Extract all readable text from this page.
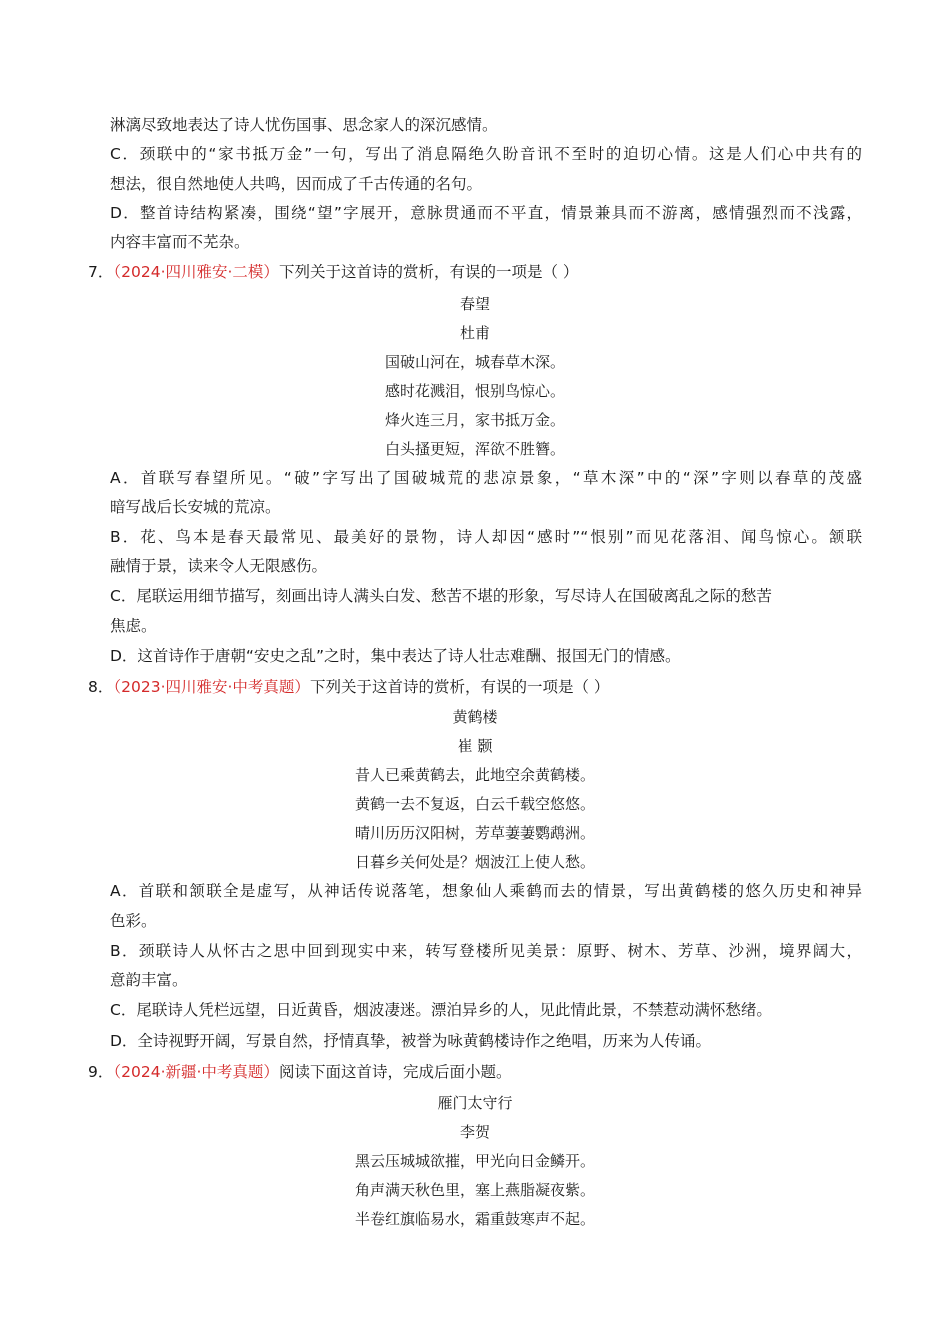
淋漓尽致地表达了诗人忧伤国事、思念家人的深沉感情。
C．颈联中的“家书抵万金”一句，写出了消息隔绝久盼音讯不至时的迫切心情。这是人们心中共有的
想法，很自然地使人共鸣，因而成了千古传通的名句。
D．整首诗结构紧凑，围绕“望”字展开，意脉贯通而不平直，情景兼具而不游离，感情强烈而不浅露，
内容丰富而不芜杂。
7．（2024·四川雅安·二模）下列关于这首诗的赏析，有误的一项是（ ）
春望
杜甫
国破山河在，城春草木深。
感时花溅泪，恨别鸟惊心。
烽火连三月，家书抵万金。
白头搔更短，浑欲不胜簪。
A．首联写春望所见。“破”字写出了国破城荒的悲凉景象，“草木深”中的“深”字则以春草的茂盛
暗写战后长安城的荒凉。
B．花、鸟本是春天最常见、最美好的景物，诗人却因“感时”“恨别”而见花落泪、闻鸟惊心。颔联
融情于景，读来令人无限感伤。
C．尾联运用细节描写，刻画出诗人满头白发、愁苦不堪的形象，写尽诗人在国破离乱之际的愁苦
焦虑。
D．这首诗作于唐朝“安史之乱”之时，集中表达了诗人壮志难酬、报国无门的情感。
8．（2023·四川雅安·中考真题）下列关于这首诗的赏析，有误的一项是（ ）
黄鹤楼
崔 颢
昔人已乘黄鹤去，此地空余黄鹤楼。
黄鹤一去不复返，白云千载空悠悠。
晴川历历汉阳树，芳草萋萋鹦鹉洲。
日暮乡关何处是？烟波江上使人愁。
A．首联和颔联全是虚写，从神话传说落笔，想象仙人乘鹤而去的情景，写出黄鹤楼的悠久历史和神异
色彩。
B．颈联诗人从怀古之思中回到现实中来，转写登楼所见美景：原野、树木、芳草、沙洲，境界阔大，
意韵丰富。
C．尾联诗人凭栏远望，日近黄昏，烟波凄迷。漂泊异乡的人，见此情此景，不禁惹动满怀愁绪。
D．全诗视野开阔，写景自然，抒情真挚，被誉为咏黄鹤楼诗作之绝唱，历来为人传诵。
9．（2024·新疆·中考真题）阅读下面这首诗，完成后面小题。
雁门太守行
李贺
黑云压城城欲摧，甲光向日金鳞开。
角声满天秋色里，塞上燕脂凝夜紫。
半卷红旗临易水，霜重鼓寒声不起。
